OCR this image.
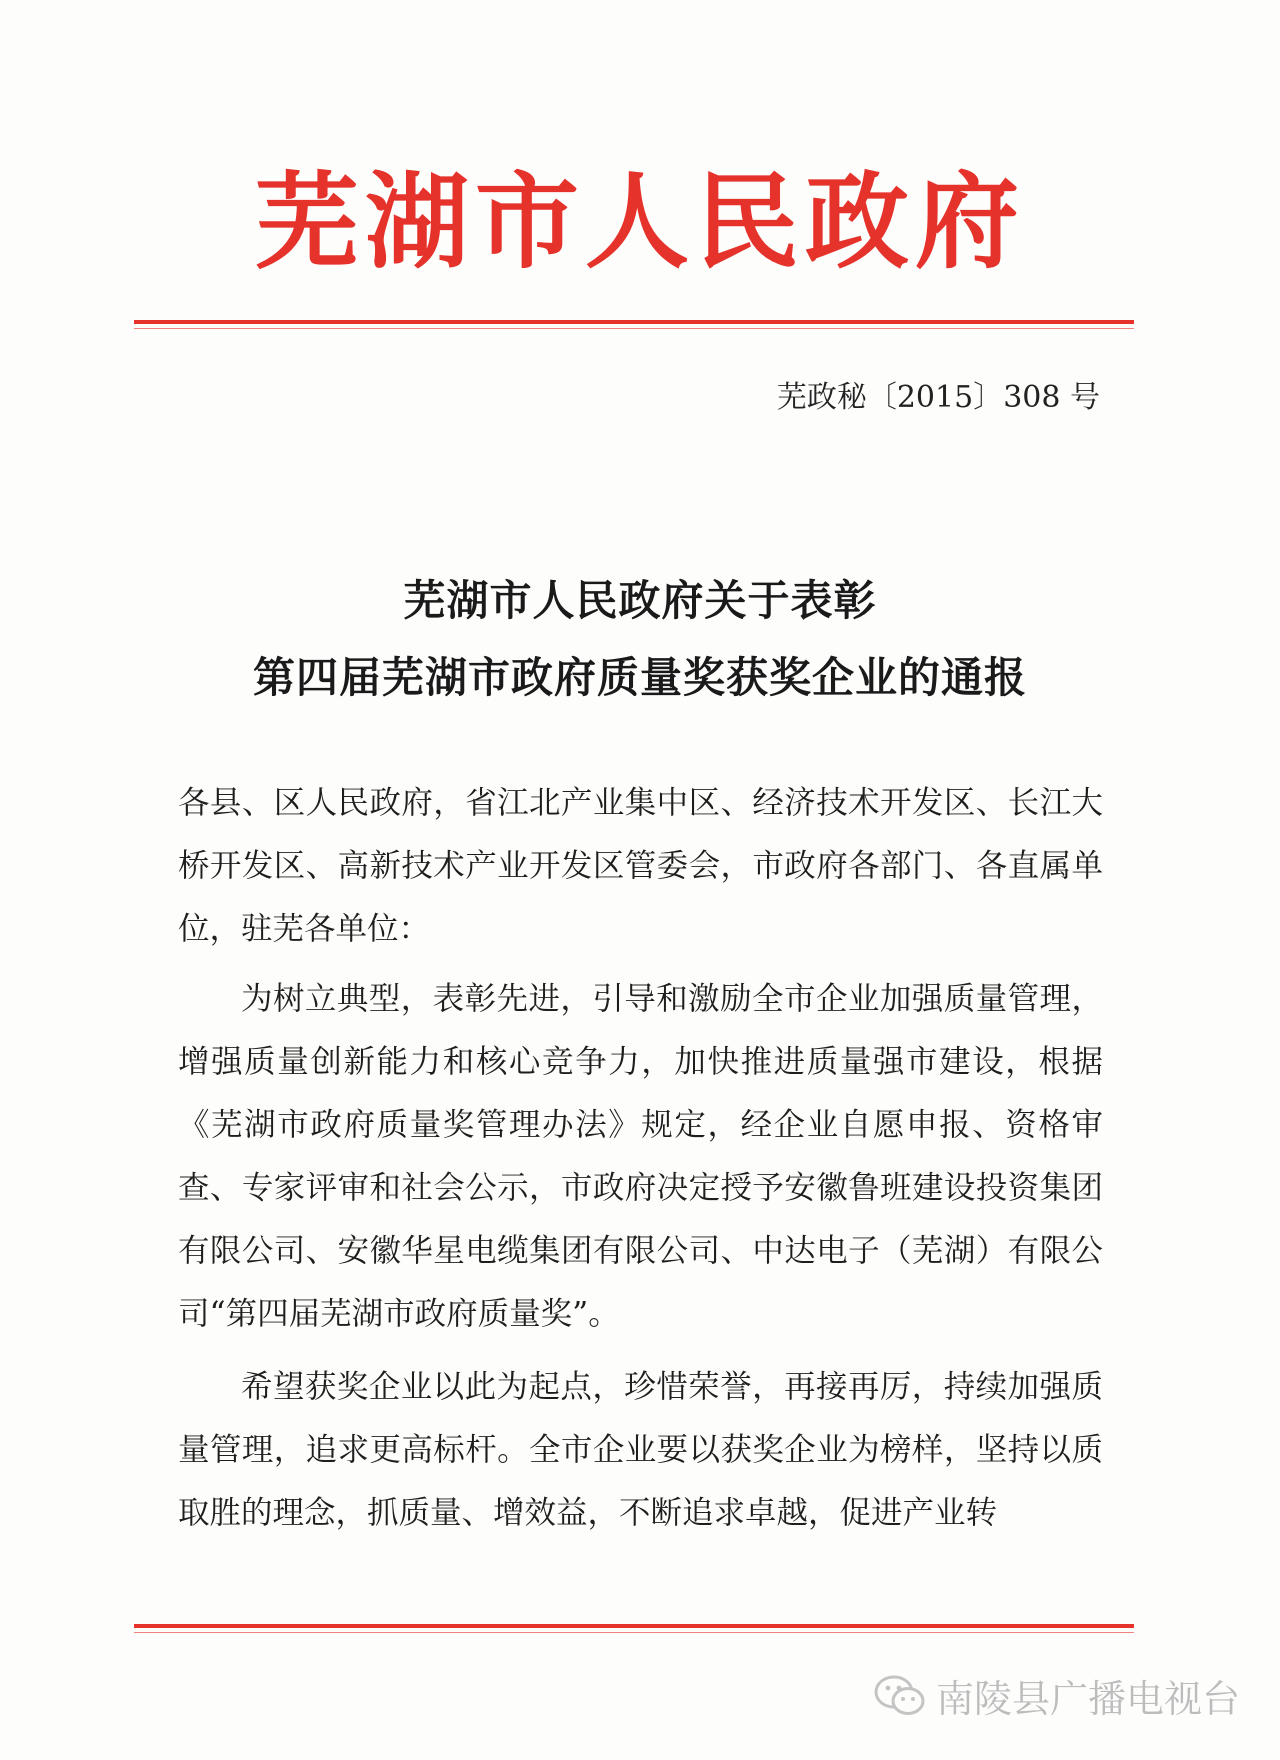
芜湖市人民政府
芜政秘〔2015〕308 号
芜湖市人民政府关于表彰
第四届芜湖市政府质量奖获奖企业的通报
各县、区人民政府，省江北产业集中区、经济技术开发区、长江大桥开发区、高新技术产业开发区管委会，市政府各部门、各直属单位，驻芜各单位：
为树立典型，表彰先进，引导和激励全市企业加强质量管理，增强质量创新能力和核心竞争力，加快推进质量强市建设，根据《芜湖市政府质量奖管理办法》规定，经企业自愿申报、资格审查、专家评审和社会公示，市政府决定授予安徽鲁班建设投资集团有限公司、安徽华星电缆集团有限公司、中达电子（芜湖）有限公司“第四届芜湖市政府质量奖”。
希望获奖企业以此为起点，珍惜荣誉，再接再厉，持续加强质量管理，追求更高标杆。全市企业要以获奖企业为榜样，坚持以质取胜的理念，抓质量、增效益，不断追求卓越，促进产业转
南陵县广播电视台
